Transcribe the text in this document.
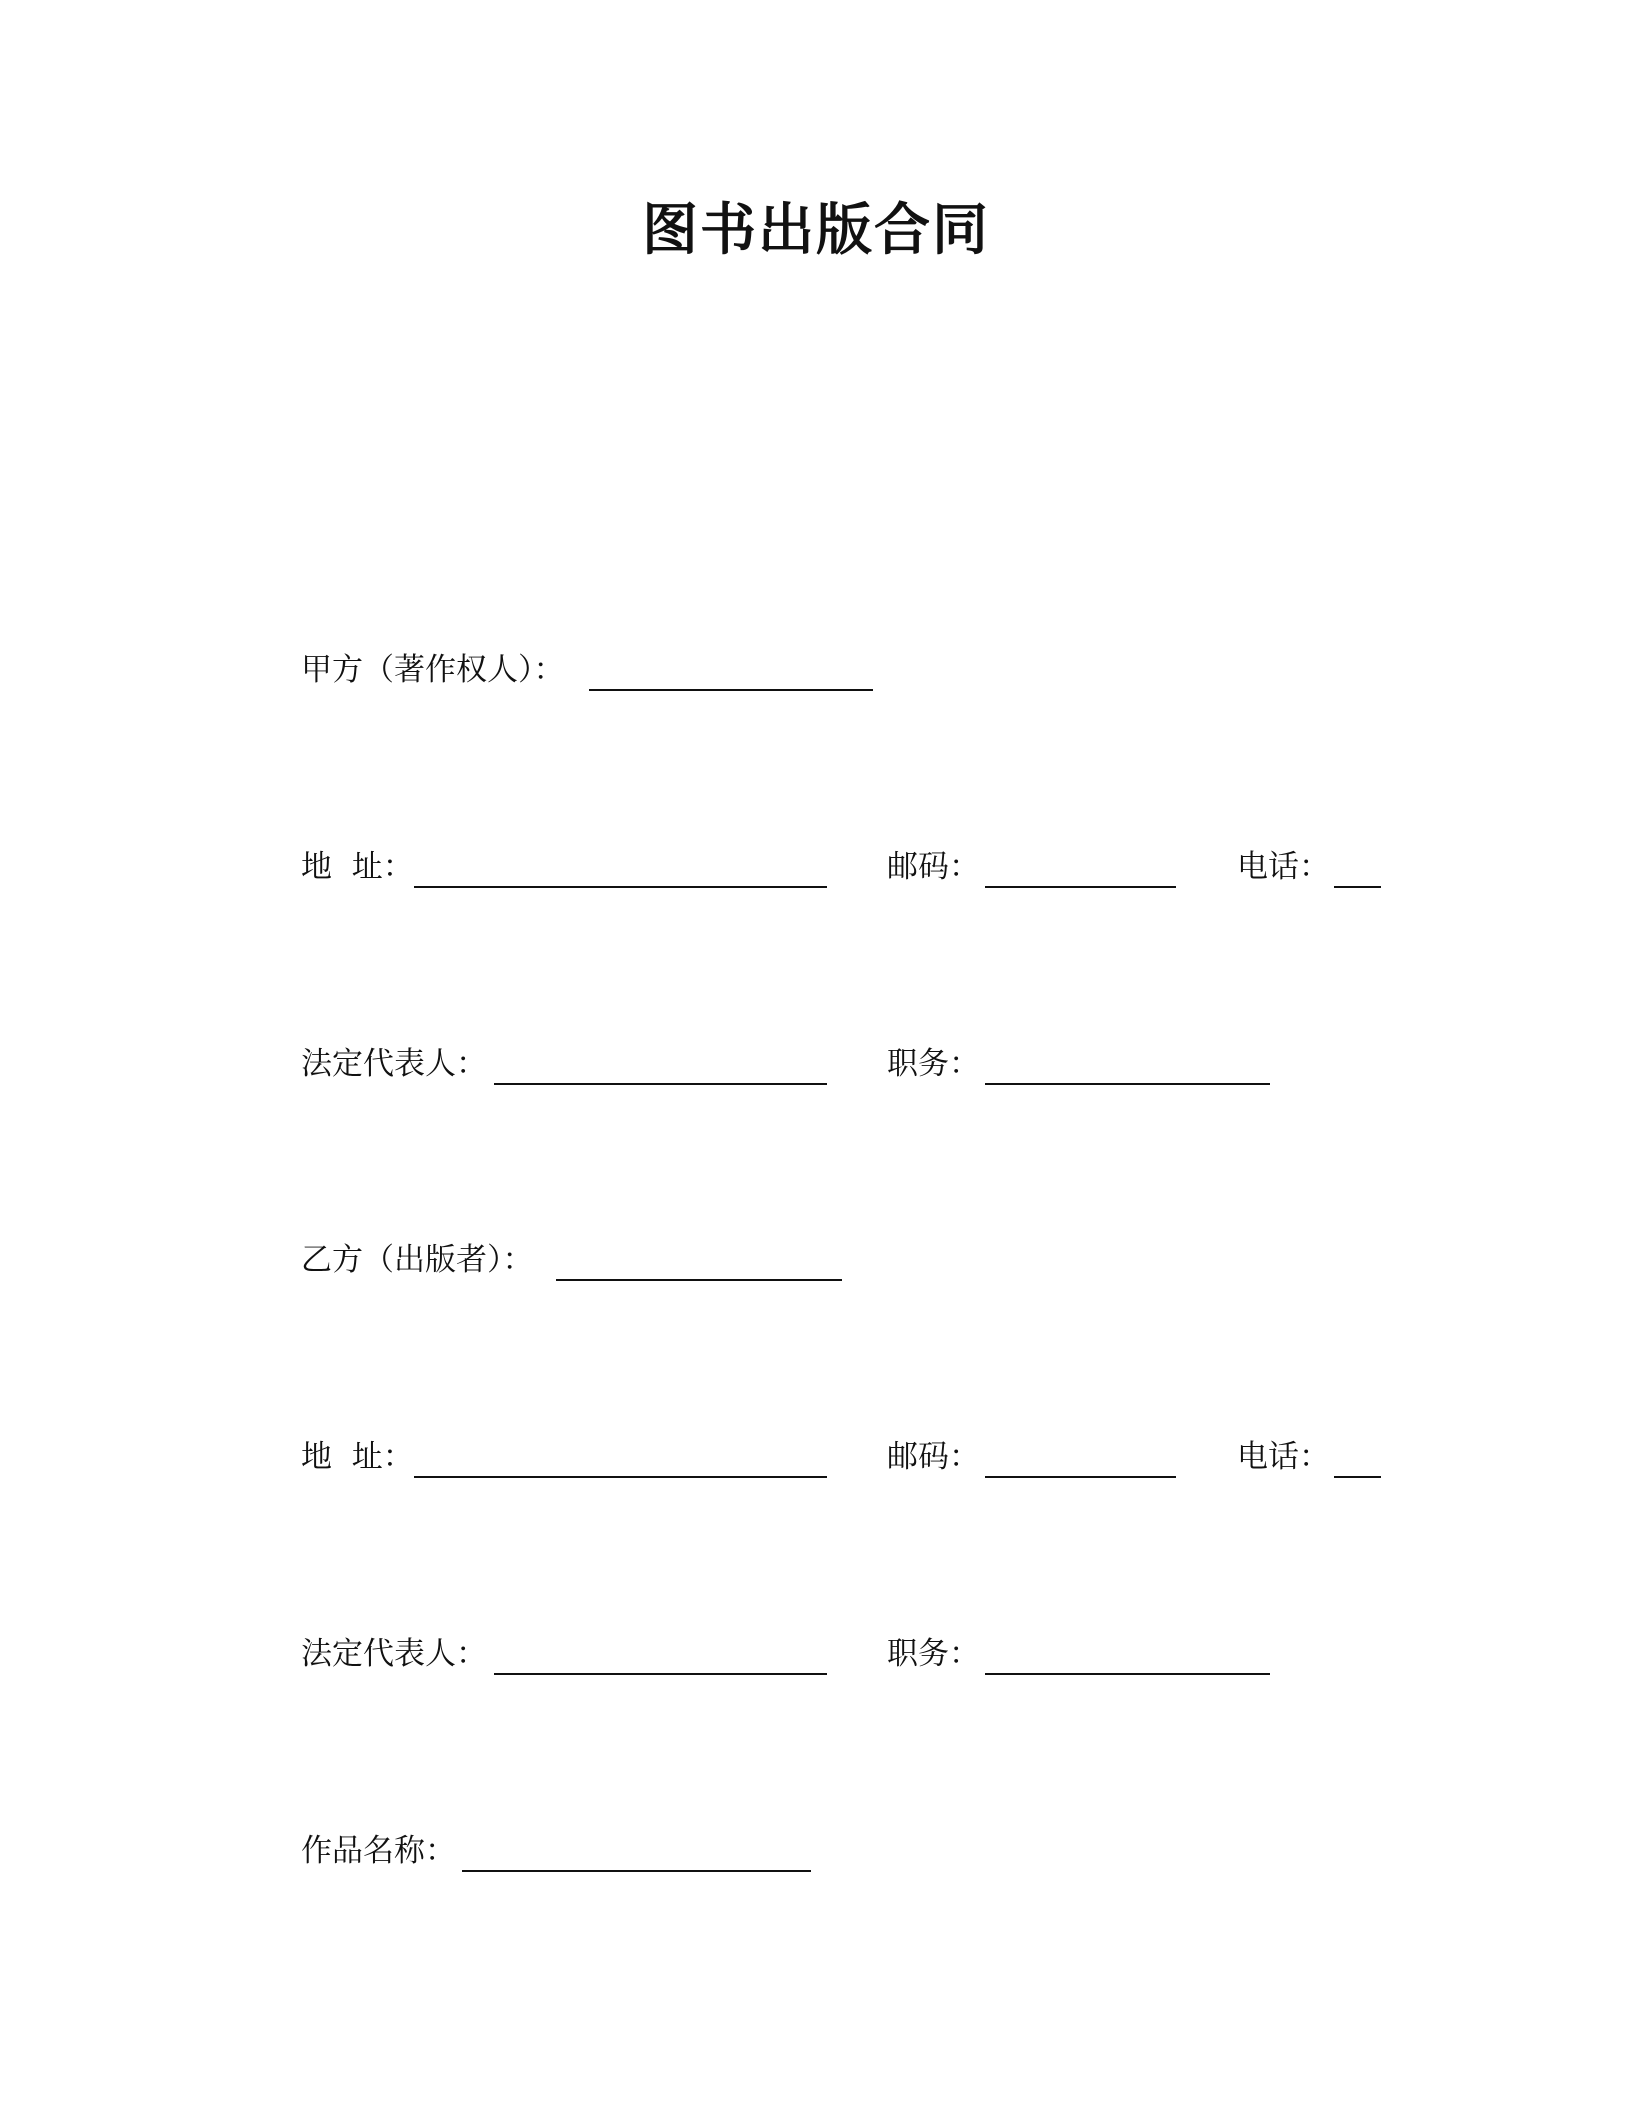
图书出版合同
甲方（著作权人）：
地  址：	邮码：	电话：
法定代表人：	职务：
乙方（出版者）：
地  址：	邮码：	电话：
法定代表人：	职务：
作品名称：
